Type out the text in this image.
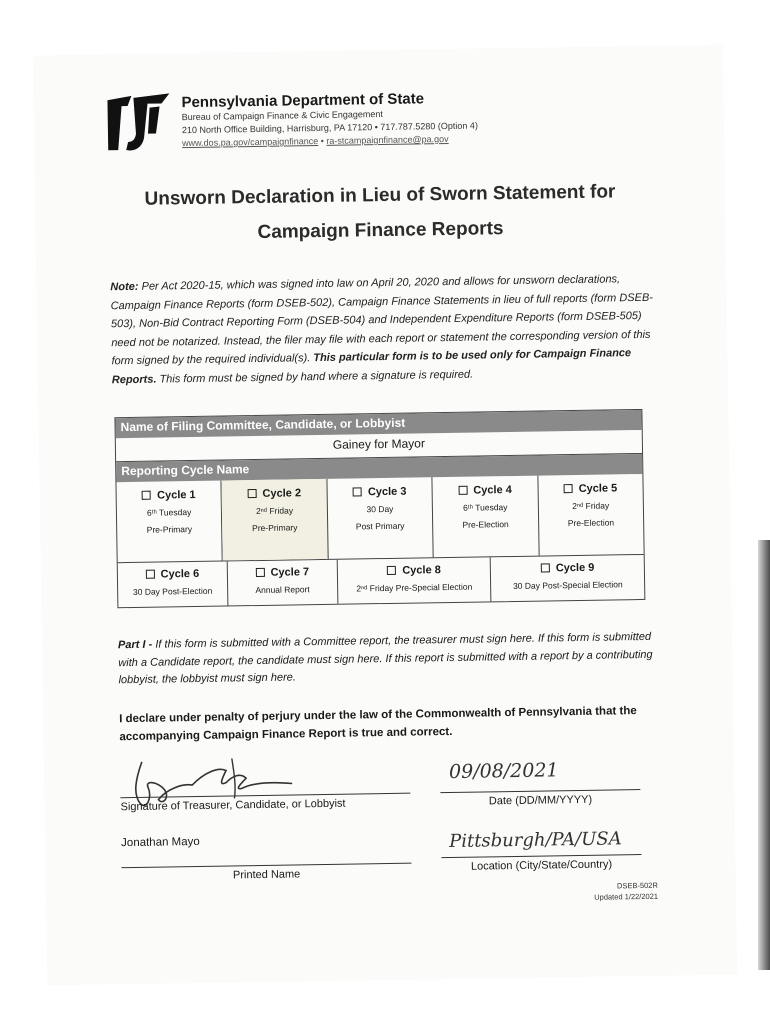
Pennsylvania Department of State
Bureau of Campaign Finance & Civic Engagement
210 North Office Building, Harrisburg, PA 17120 • 717.787.5280 (Option 4)
www.dos.pa.gov/campaignfinance • ra-stcampaignfinance@pa.gov
Unsworn Declaration in Lieu of Sworn Statement for
Campaign Finance Reports
Note: Per Act 2020-15, which was signed into law on April 20, 2020 and allows for unsworn declarations, Campaign Finance Reports (form DSEB-502), Campaign Finance Statements in lieu of full reports (form DSEB-503), Non-Bid Contract Reporting Form (DSEB-504) and Independent Expenditure Reports (form DSEB-505) need not be notarized. Instead, the filer may file with each report or statement the corresponding version of this form signed by the required individual(s). This particular form is to be used only for Campaign Finance Reports. This form must be signed by hand where a signature is required.
Name of Filing Committee, Candidate, or Lobbyist
Gainey for Mayor
Reporting Cycle Name
Cycle 1
6ᵗʰ Tuesday
Pre-Primary
Cycle 2
2ⁿᵈ Friday
Pre-Primary
Cycle 3
30 Day
Post Primary
Cycle 4
6ᵗʰ Tuesday
Pre-Election
Cycle 5
2ⁿᵈ Friday
Pre-Election
Cycle 6
30 Day Post-Election
Cycle 7
Annual Report
Cycle 8
2ⁿᵈ Friday Pre-Special Election
Cycle 9
30 Day Post-Special Election
Part I - If this form is submitted with a Committee report, the treasurer must sign here. If this form is submitted with a Candidate report, the candidate must sign here. If this report is submitted with a report by a contributing lobbyist, the lobbyist must sign here.
I declare under penalty of perjury under the law of the Commonwealth of Pennsylvania that the accompanying Campaign Finance Report is true and correct.
Signature of Treasurer, Candidate, or Lobbyist
Jonathan Mayo
Printed Name
09/08/2021
Date (DD/MM/YYYY)
Pittsburgh/PA/USA
Location (City/State/Country)
DSEB-502R
Updated 1/22/2021
